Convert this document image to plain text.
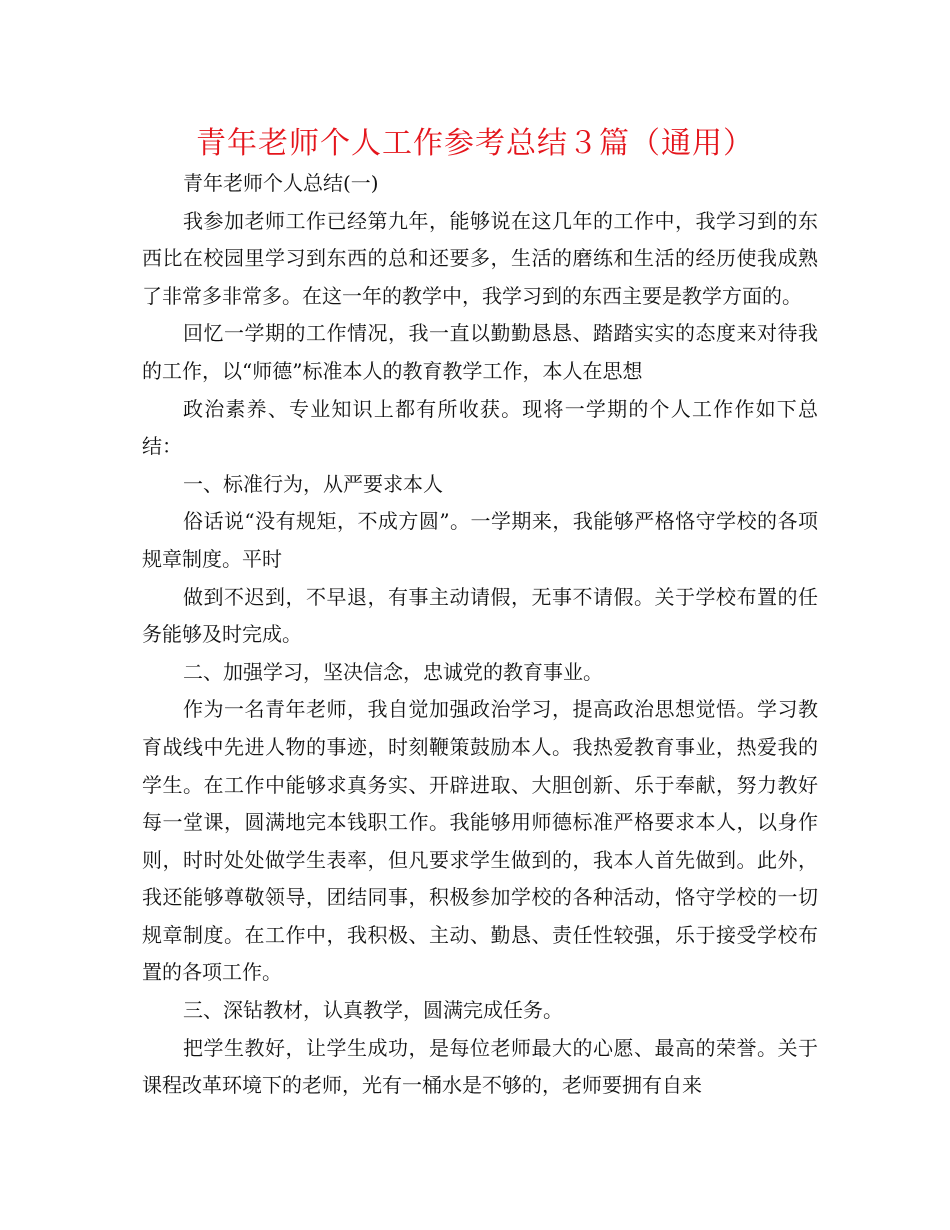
青年老师个人工作参考总结３篇（通用）

青年老师个人总结(一)

我参加老师工作已经第九年，能够说在这几年的工作中，我学习到的东西比在校园里学习到东西的总和还要多，生活的磨练和生活的经历使我成熟了非常多非常多。在这一年的教学中，我学习到的东西主要是教学方面的。

回忆一学期的工作情况，我一直以勤勤恳恳、踏踏实实的态度来对待我的工作，以“师德”标准本人的教育教学工作，本人在思想

政治素养、专业知识上都有所收获。现将一学期的个人工作作如下总结：

一、标准行为，从严要求本人

俗话说“没有规矩，不成方圆”。一学期来，我能够严格恪守学校的各项规章制度。平时

做到不迟到，不早退，有事主动请假，无事不请假。关于学校布置的任务能够及时完成。

二、加强学习，坚决信念，忠诚党的教育事业。

作为一名青年老师，我自觉加强政治学习，提高政治思想觉悟。学习教育战线中先进人物的事迹，时刻鞭策鼓励本人。我热爱教育事业，热爱我的学生。在工作中能够求真务实、开辟进取、大胆创新、乐于奉献，努力教好每一堂课，圆满地完本钱职工作。我能够用师德标准严格要求本人，以身作则，时时处处做学生表率，但凡要求学生做到的，我本人首先做到。此外，我还能够尊敬领导，团结同事，积极参加学校的各种活动，恪守学校的一切规章制度。在工作中，我积极、主动、勤恳、责任性较强，乐于接受学校布置的各项工作。

三、深钻教材，认真教学，圆满完成任务。

把学生教好，让学生成功，是每位老师最大的心愿、最高的荣誉。关于课程改革环境下的老师，光有一桶水是不够的，老师要拥有自来
